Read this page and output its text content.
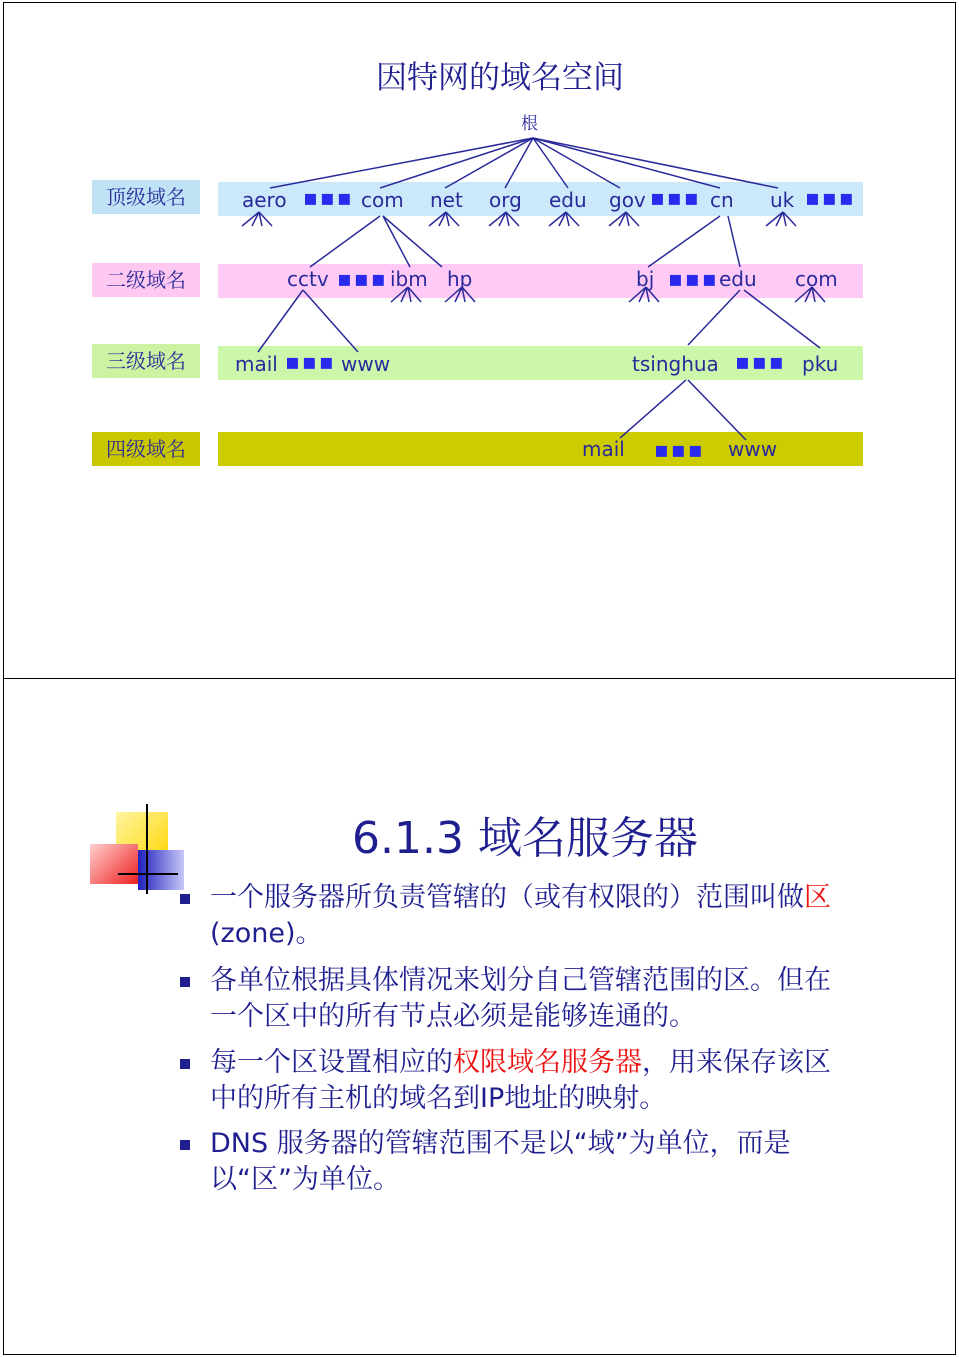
因特网的域名空间
根
顶级域名
二级域名
三级域名
四级域名
aero ▪▪▪ com net org edu gov ▪▪▪ cn uk ▪▪▪
cctv ▪▪▪ ibm hp	bj ▪▪▪ edu com
mail ▪▪▪ www	tsinghua ▪▪▪ pku
mail ▪▪▪ www
6.1.3 域名服务器
一个服务器所负责管辖的（或有权限的）范围叫做区(zone)。
各单位根据具体情况来划分自己管辖范围的区。但在一个区中的所有节点必须是能够连通的。
每一个区设置相应的权限域名服务器，用来保存该区中的所有主机的域名到IP地址的映射。
DNS 服务器的管辖范围不是以“域”为单位，而是以“区”为单位。
